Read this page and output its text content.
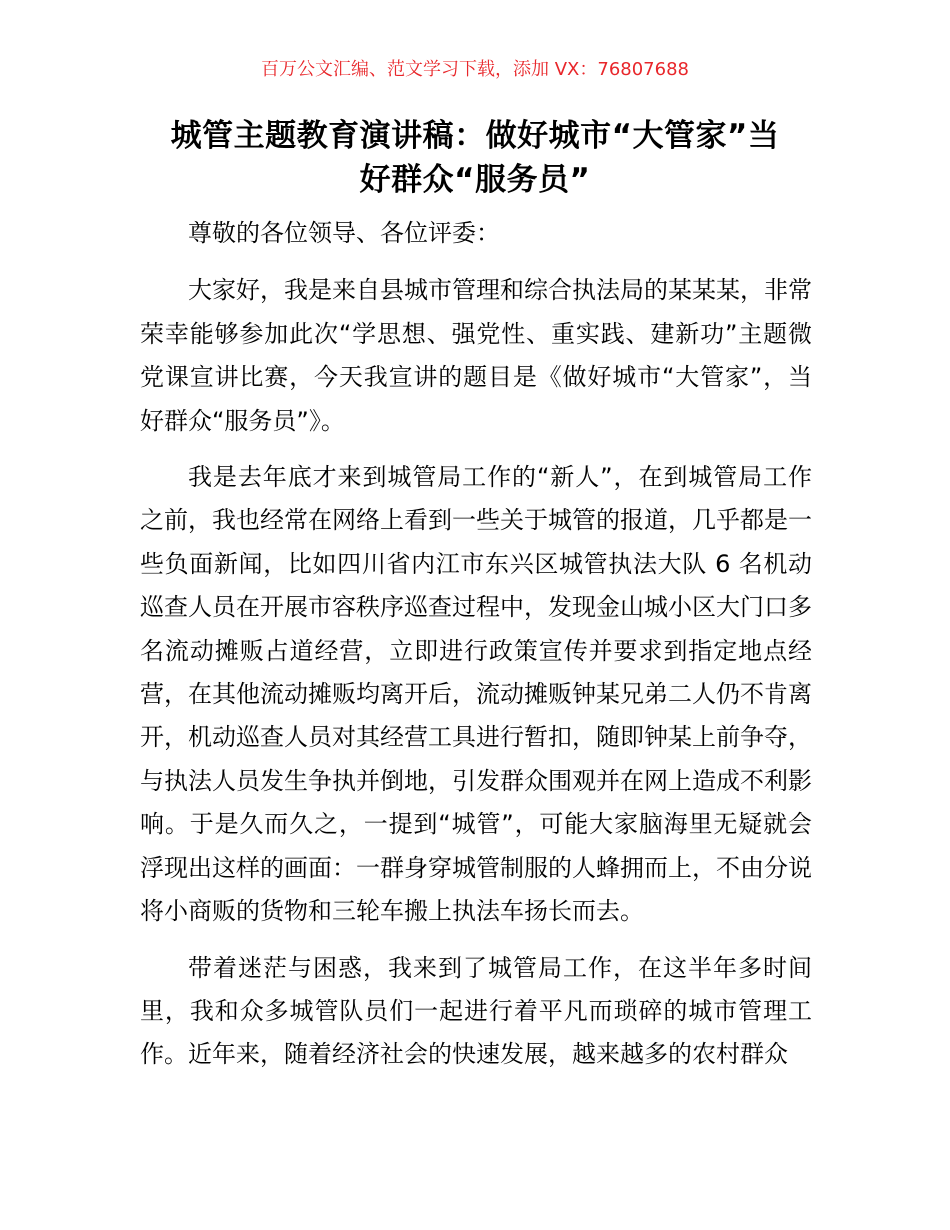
百万公文汇编、范文学习下载，添加 VX：76807688
城管主题教育演讲稿：做好城市“大管家”当
好群众“服务员”

尊敬的各位领导、各位评委：

大家好，我是来自县城市管理和综合执法局的某某某，非常荣幸能够参加此次“学思想、强党性、重实践、建新功”主题微党课宣讲比赛，今天我宣讲的题目是《做好城市“大管家”，当好群众“服务员”》。

我是去年底才来到城管局工作的“新人”，在到城管局工作之前，我也经常在网络上看到一些关于城管的报道，几乎都是一些负面新闻，比如四川省内江市东兴区城管执法大队 6 名机动巡查人员在开展市容秩序巡查过程中，发现金山城小区大门口多名流动摊贩占道经营，立即进行政策宣传并要求到指定地点经营，在其他流动摊贩均离开后，流动摊贩钟某兄弟二人仍不肯离开，机动巡查人员对其经营工具进行暂扣，随即钟某上前争夺，与执法人员发生争执并倒地，引发群众围观并在网上造成不利影响。于是久而久之，一提到“城管”，可能大家脑海里无疑就会浮现出这样的画面：一群身穿城管制服的人蜂拥而上，不由分说将小商贩的货物和三轮车搬上执法车扬长而去。

带着迷茫与困惑，我来到了城管局工作，在这半年多时间里，我和众多城管队员们一起进行着平凡而琐碎的城市管理工作。近年来，随着经济社会的快速发展，越来越多的农村群众
